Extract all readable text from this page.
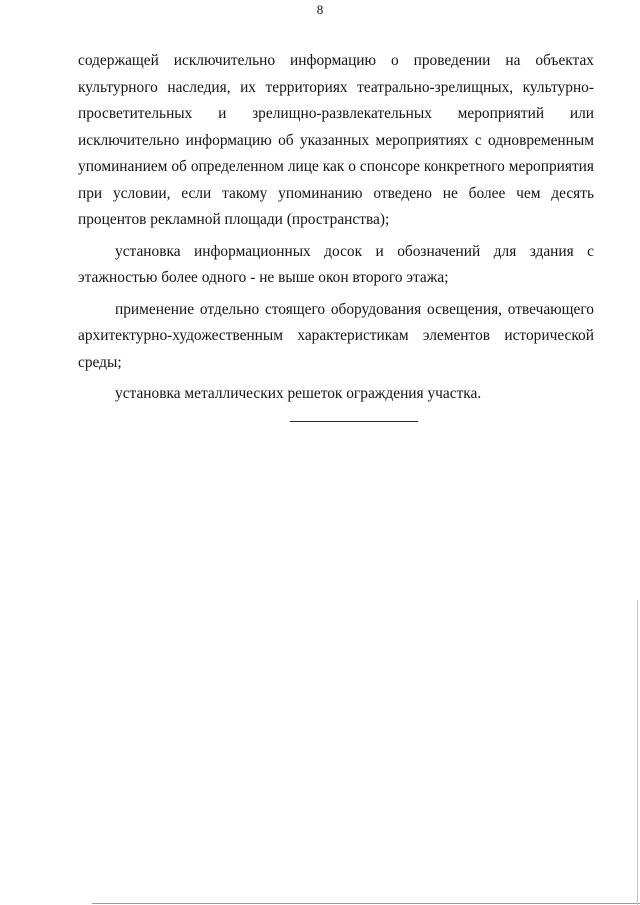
8

содержащей исключительно информацию о проведении на объектах культурного наследия, их территориях театрально-зрелищных, культурно-просветительных и зрелищно-развлекательных мероприятий или исключительно информацию об указанных мероприятиях с одновременным упоминанием об определенном лице как о спонсоре конкретного мероприятия при условии, если такому упоминанию отведено не более чем десять процентов рекламной площади (пространства);

установка информационных досок и обозначений для здания с этажностью более одного - не выше окон второго этажа;

применение отдельно стоящего оборудования освещения, отвечающего архитектурно-художественным характеристикам элементов исторической среды;

установка металлических решеток ограждения участка.
